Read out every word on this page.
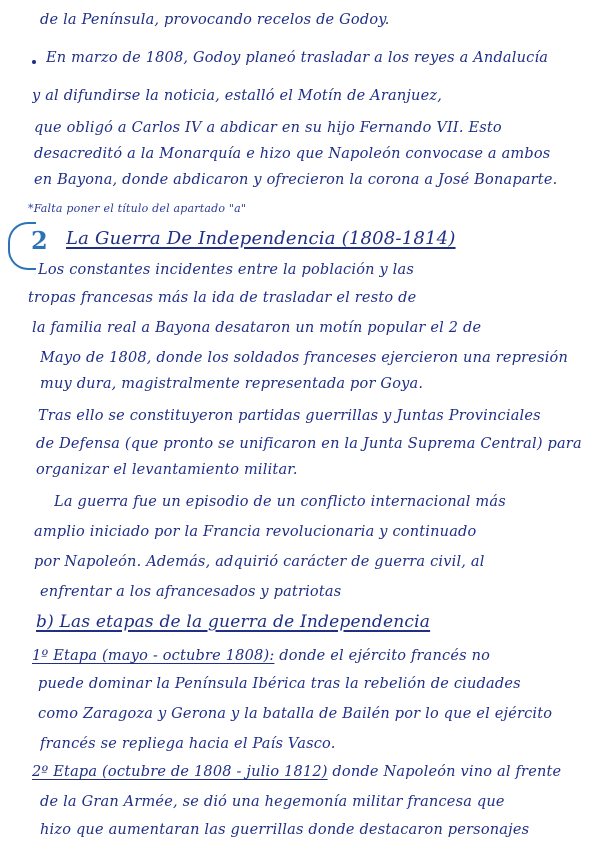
de la Península, provocando recelos de Godoy.
En marzo de 1808, Godoy planeó trasladar a los reyes a Andalucía
y al difundirse la noticia, estalló el Motín de Aranjuez,
que obligó a Carlos IV a abdicar en su hijo Fernando VII. Esto
desacreditó a la Monarquía e hizo que Napoleón convocase a ambos
en Bayona, donde abdicaron y ofrecieron la corona a José Bonaparte.
*Falta poner el título del apartado "a"
2 La Guerra De Independencia (1808-1814)
Los constantes incidentes entre la población y las
tropas francesas más la ida de trasladar el resto de
la familia real a Bayona desataron un motín popular el 2 de
Mayo de 1808, donde los soldados franceses ejercieron una represión
muy dura, magistralmente representada por Goya.
Tras ello se constituyeron partidas guerrillas y Juntas Provinciales
de Defensa (que pronto se unificaron en la Junta Suprema Central) para
organizar el levantamiento militar.
La guerra fue un episodio de un conflicto internacional más
amplio iniciado por la Francia revolucionaria y continuado
por Napoleón. Además, adquirió carácter de guerra civil, al
enfrentar a los afrancesados y patriotas
b) Las etapas de la guerra de Independencia
1º Etapa (mayo - octubre 1808): donde el ejército francés no
puede dominar la Península Ibérica tras la rebelión de ciudades
como Zaragoza y Gerona y la batalla de Bailén por lo que el ejército
francés se repliega hacia el País Vasco.
2º Etapa (octubre de 1808 - julio 1812) donde Napoleón vino al frente
de la Gran Armée, se dió una hegemonía militar francesa que
hizo que aumentaran las guerrillas donde destacaron personajes
